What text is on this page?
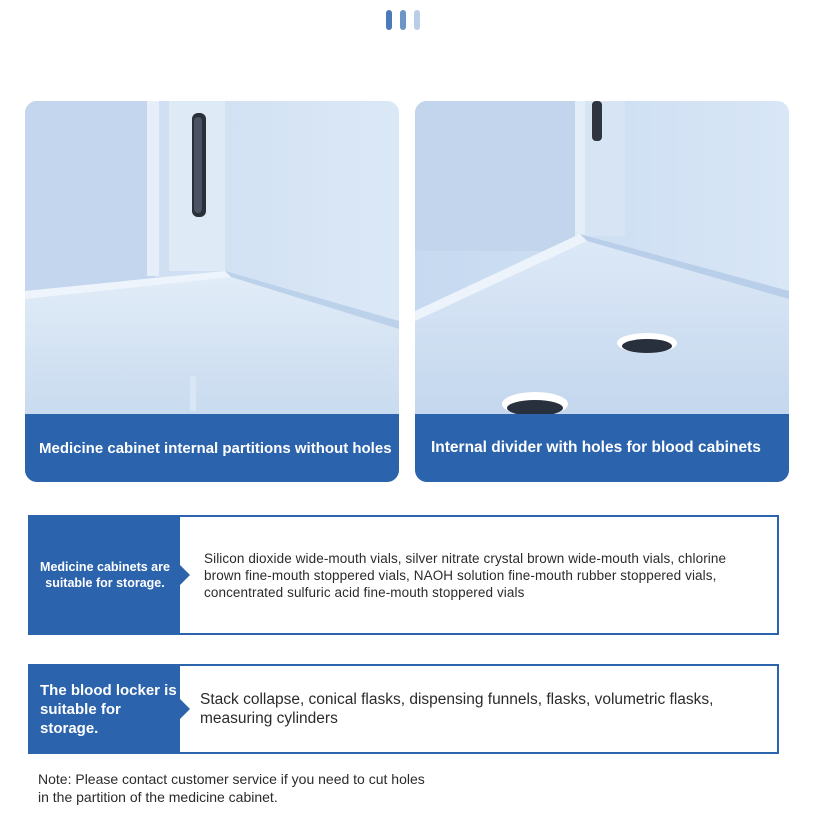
Medicine cabinet internal partitions without holes	Internal divider with holes for blood cabinets
Medicine cabinets are suitable for storage.
Silicon dioxide wide-mouth vials, silver nitrate crystal brown wide-mouth vials, chlorine brown fine-mouth stoppered vials, NAOH solution fine-mouth rubber stoppered vials, concentrated sulfuric acid fine-mouth stoppered vials
The blood locker is suitable for storage.
Stack collapse, conical flasks, dispensing funnels, flasks, volumetric flasks, measuring cylinders
Note: Please contact customer service if you need to cut holes in the partition of the medicine cabinet.
